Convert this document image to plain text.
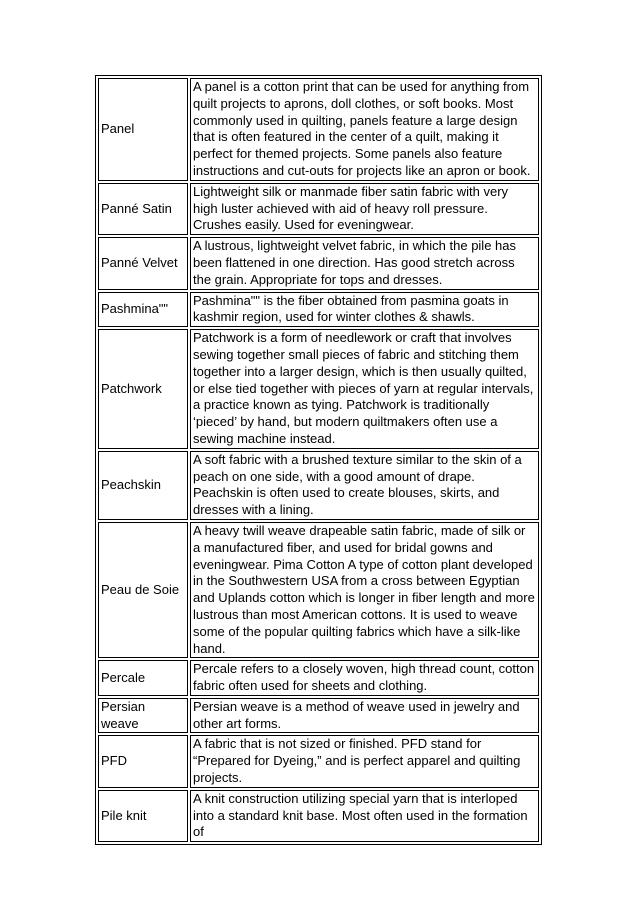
Panel	A panel is a cotton print that can be used for anything from quilt projects to aprons, doll clothes, or soft books. Most commonly used in quilting, panels feature a large design that is often featured in the center of a quilt, making it perfect for themed projects. Some panels also feature instructions and cut-outs for projects like an apron or book.
Panné Satin	Lightweight silk or manmade fiber satin fabric with very high luster achieved with aid of heavy roll pressure. Crushes easily. Used for eveningwear.
Panné Velvet	A lustrous, lightweight velvet fabric, in which the pile has been flattened in one direction. Has good stretch across the grain. Appropriate for tops and dresses.
Pashmina""	Pashmina"" is the fiber obtained from pasmina goats in kashmir region, used for winter clothes & shawls.
Patchwork	Patchwork is a form of needlework or craft that involves sewing together small pieces of fabric and stitching them together into a larger design, which is then usually quilted, or else tied together with pieces of yarn at regular intervals, a practice known as tying. Patchwork is traditionally ‘pieced’ by hand, but modern quiltmakers often use a sewing machine instead.
Peachskin	A soft fabric with a brushed texture similar to the skin of a peach on one side, with a good amount of drape. Peachskin is often used to create blouses, skirts, and dresses with a lining.
Peau de Soie	A heavy twill weave drapeable satin fabric, made of silk or a manufactured fiber, and used for bridal gowns and eveningwear. Pima Cotton A type of cotton plant developed in the Southwestern USA from a cross between Egyptian and Uplands cotton which is longer in fiber length and more lustrous than most American cottons. It is used to weave some of the popular quilting fabrics which have a silk-like hand.
Percale	Percale refers to a closely woven, high thread count, cotton fabric often used for sheets and clothing.
Persian weave	Persian weave is a method of weave used in jewelry and other art forms.
PFD	A fabric that is not sized or finished. PFD stand for “Prepared for Dyeing,” and is perfect apparel and quilting projects.
Pile knit	A knit construction utilizing special yarn that is interloped into a standard knit base. Most often used in the formation of
